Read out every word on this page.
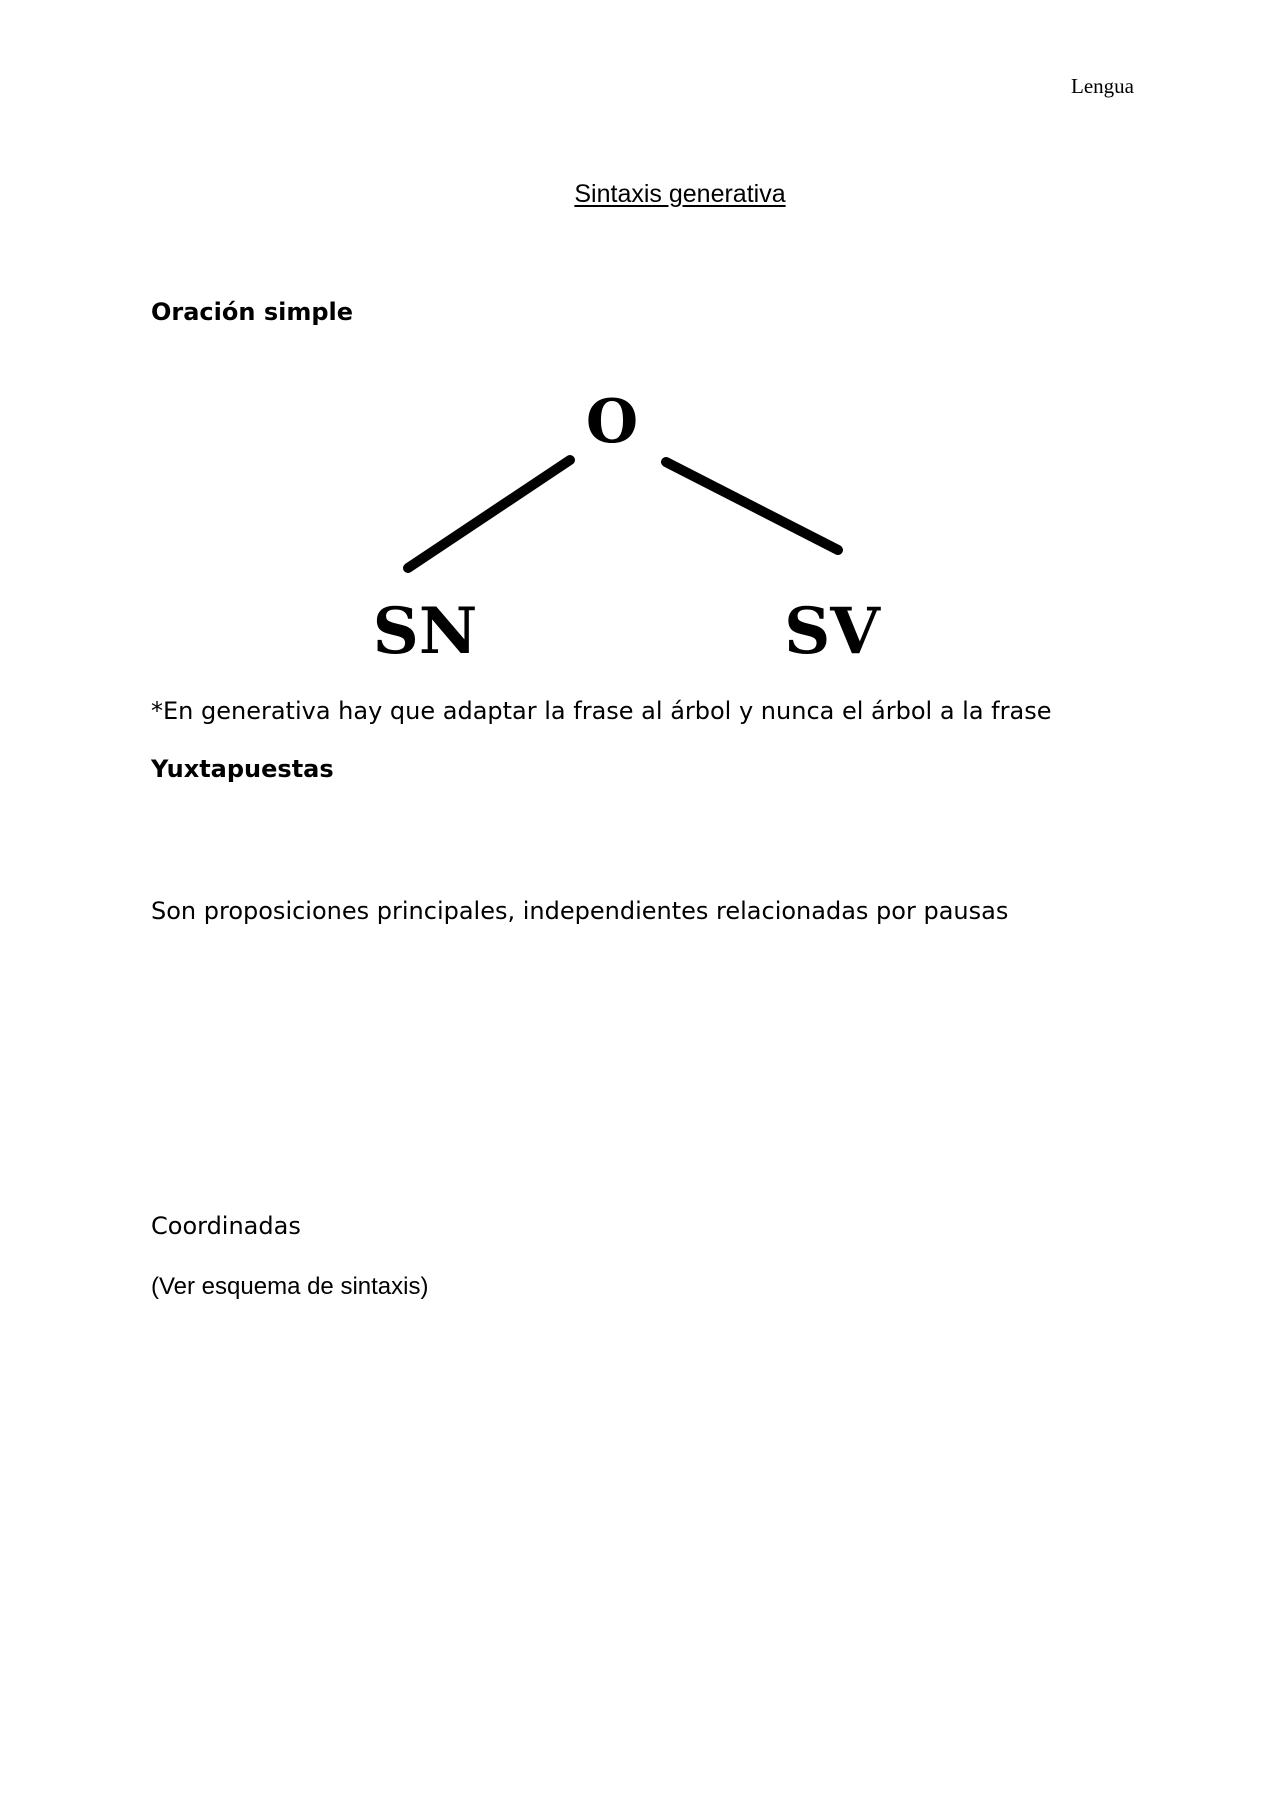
Lengua
Sintaxis generativa
Oración simple
O
SN	SV
*En generativa hay que adaptar la frase al árbol y nunca el árbol a la frase
Yuxtapuestas
Son proposiciones principales, independientes relacionadas por pausas
Coordinadas
(Ver esquema de sintaxis)
